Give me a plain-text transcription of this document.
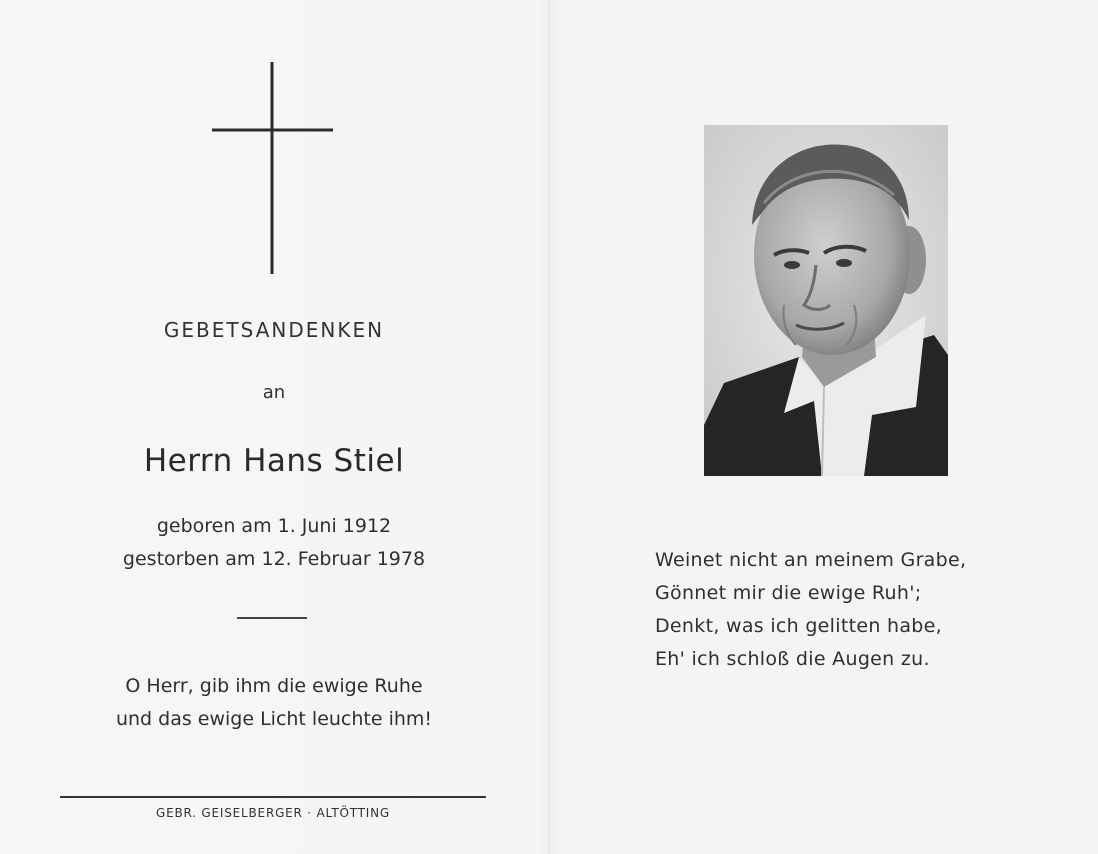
GEBETSANDENKEN
an
Herrn Hans Stiel
geboren am 1. Juni 1912
gestorben am 12. Februar 1978
O Herr, gib ihm die ewige Ruhe
und das ewige Licht leuchte ihm!
GEBR. GEISELBERGER · ALTÖTTING
Weinet nicht an meinem Grabe,
Gönnet mir die ewige Ruh';
Denkt, was ich gelitten habe,
Eh' ich schloß die Augen zu.
